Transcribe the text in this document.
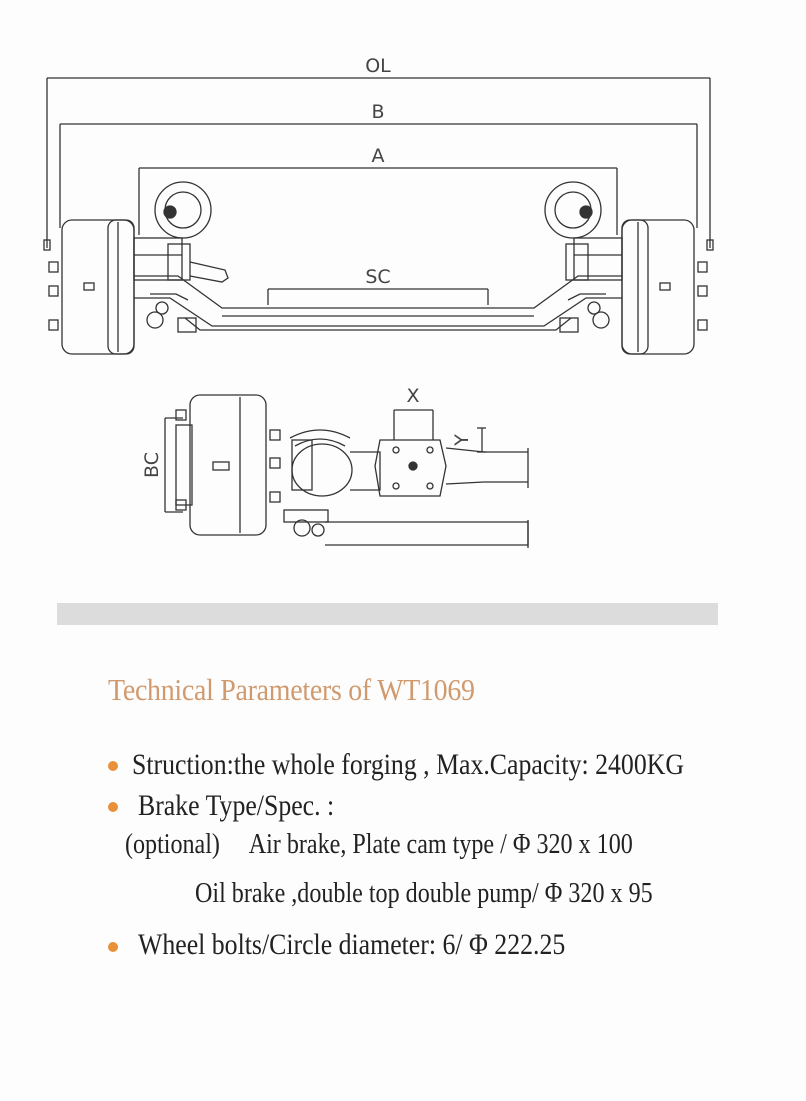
OL
B
A
SC
BC
X
Y
Technical Parameters of WT1069
Struction:the whole forging , Max.Capacity: 2400KG
Brake Type/Spec. :
(optional)     Air brake, Plate cam type / Φ 320 x 100
Oil brake ,double top double pump/ Φ 320 x 95
Wheel bolts/Circle diameter: 6/ Φ 222.25
